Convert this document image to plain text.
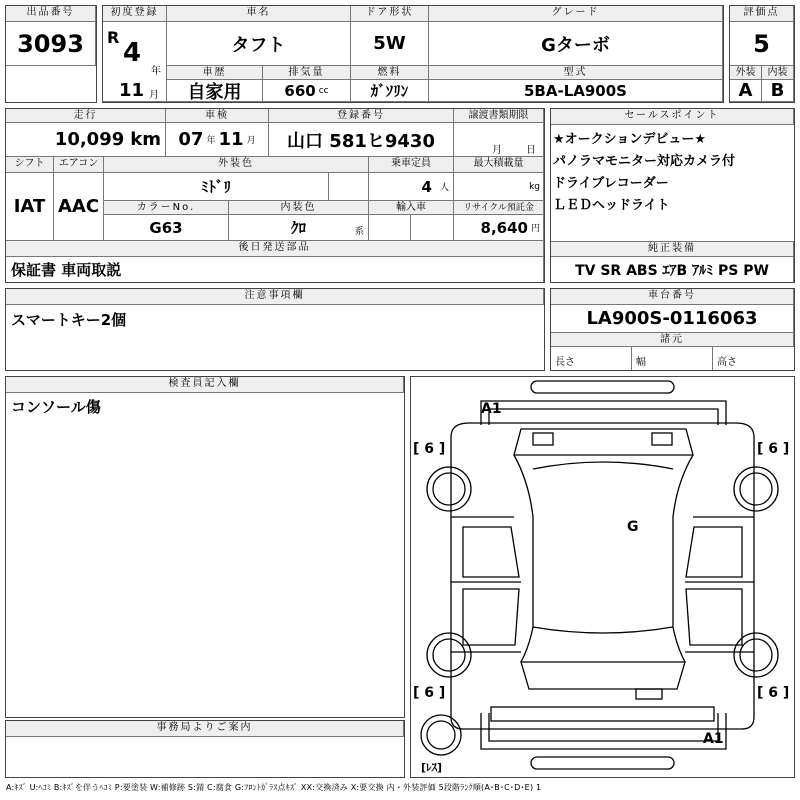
出品番号
3093
初度登録
R
4
年
11 月
車名
タフト
ドア形状
5W
グレード
Gターボ
車歴
自家用
排気量
660 cc
燃料
ｶﾞｿﾘﾝ
型式
5BA-LA900S
評価点
5
外装	内装
A	B
走行
10,099 km
車検
07 年 11 月
登録番号
山口 581ヒ9430
譲渡書類期限
月 日
シフト
IAT
エアコン
AAC
外装色
ﾐﾄﾞﾘ
乗車定員
4 人
最大積載量
kg
カラーNo.
G63
内装色
ｸﾛ	系
輸入車	リサイクル預託金
8,640 円
後日発送部品
保証書 車両取説
セールスポイント
★オークションデビュー★
パノラマモニター対応カメラ付
ドライブレコーダー
ＬＥＤヘッドライト
純正装備
TV SR ABS ｴｱB ｱﾙﾐ PS PW
注意事項欄
スマートキー2個
車台番号
LA900S-0116063
諸元
長さ	幅	高さ
検査員記入欄
コンソール傷
事務局よりご案内
[ 6 ]	[ 6 ]
[ 6 ]	[ 6 ]
A1
A1
G
[ﾚｽ]
A:ｷｽﾞ U:ﾍｺﾐ B:ｷｽﾞを伴うﾍｺﾐ P:要塗装 W:補修跡 S:錆 C:腐食 G:ﾌﾛﾝﾄｶﾞﾗｽ点ｷｽﾞ XX:交換済み X:要交換 内・外装評価 5段階ﾗﾝｸ順(A･B･C･D･E) 1
